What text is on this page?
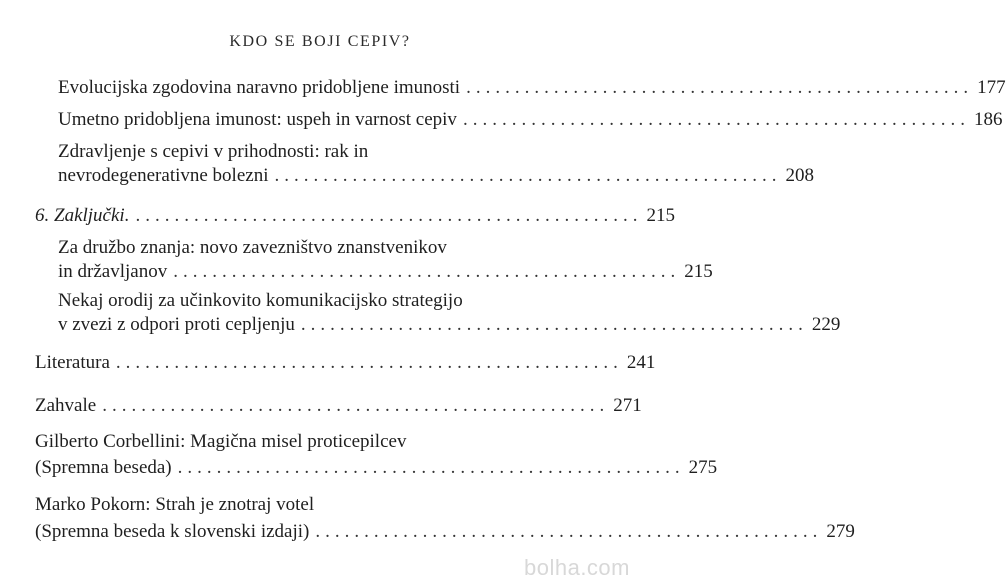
KDO SE BOJI CEPIV?
Evolucijska zgodovina naravno pridobljene imunosti .................................................... 177
Umetno pridobljena imunost: uspeh in varnost cepiv .................................................... 186
Zdravljenje s cepivi v prihodnosti: rak in
nevrodegenerativne bolezni .................................................... 208
6. Zaključki. .................................................... 215
Za družbo znanja: novo zavezništvo znanstvenikov
in državljanov .................................................... 215
Nekaj orodij za učinkovito komunikacijsko strategijo
v zvezi z odpori proti cepljenju .................................................... 229
Literatura .................................................... 241
Zahvale .................................................... 271
Gilberto Corbellini: Magična misel proticepilcev
(Spremna beseda) .................................................... 275
Marko Pokorn: Strah je znotraj votel
(Spremna beseda k slovenski izdaji) .................................................... 279
bolha.com
